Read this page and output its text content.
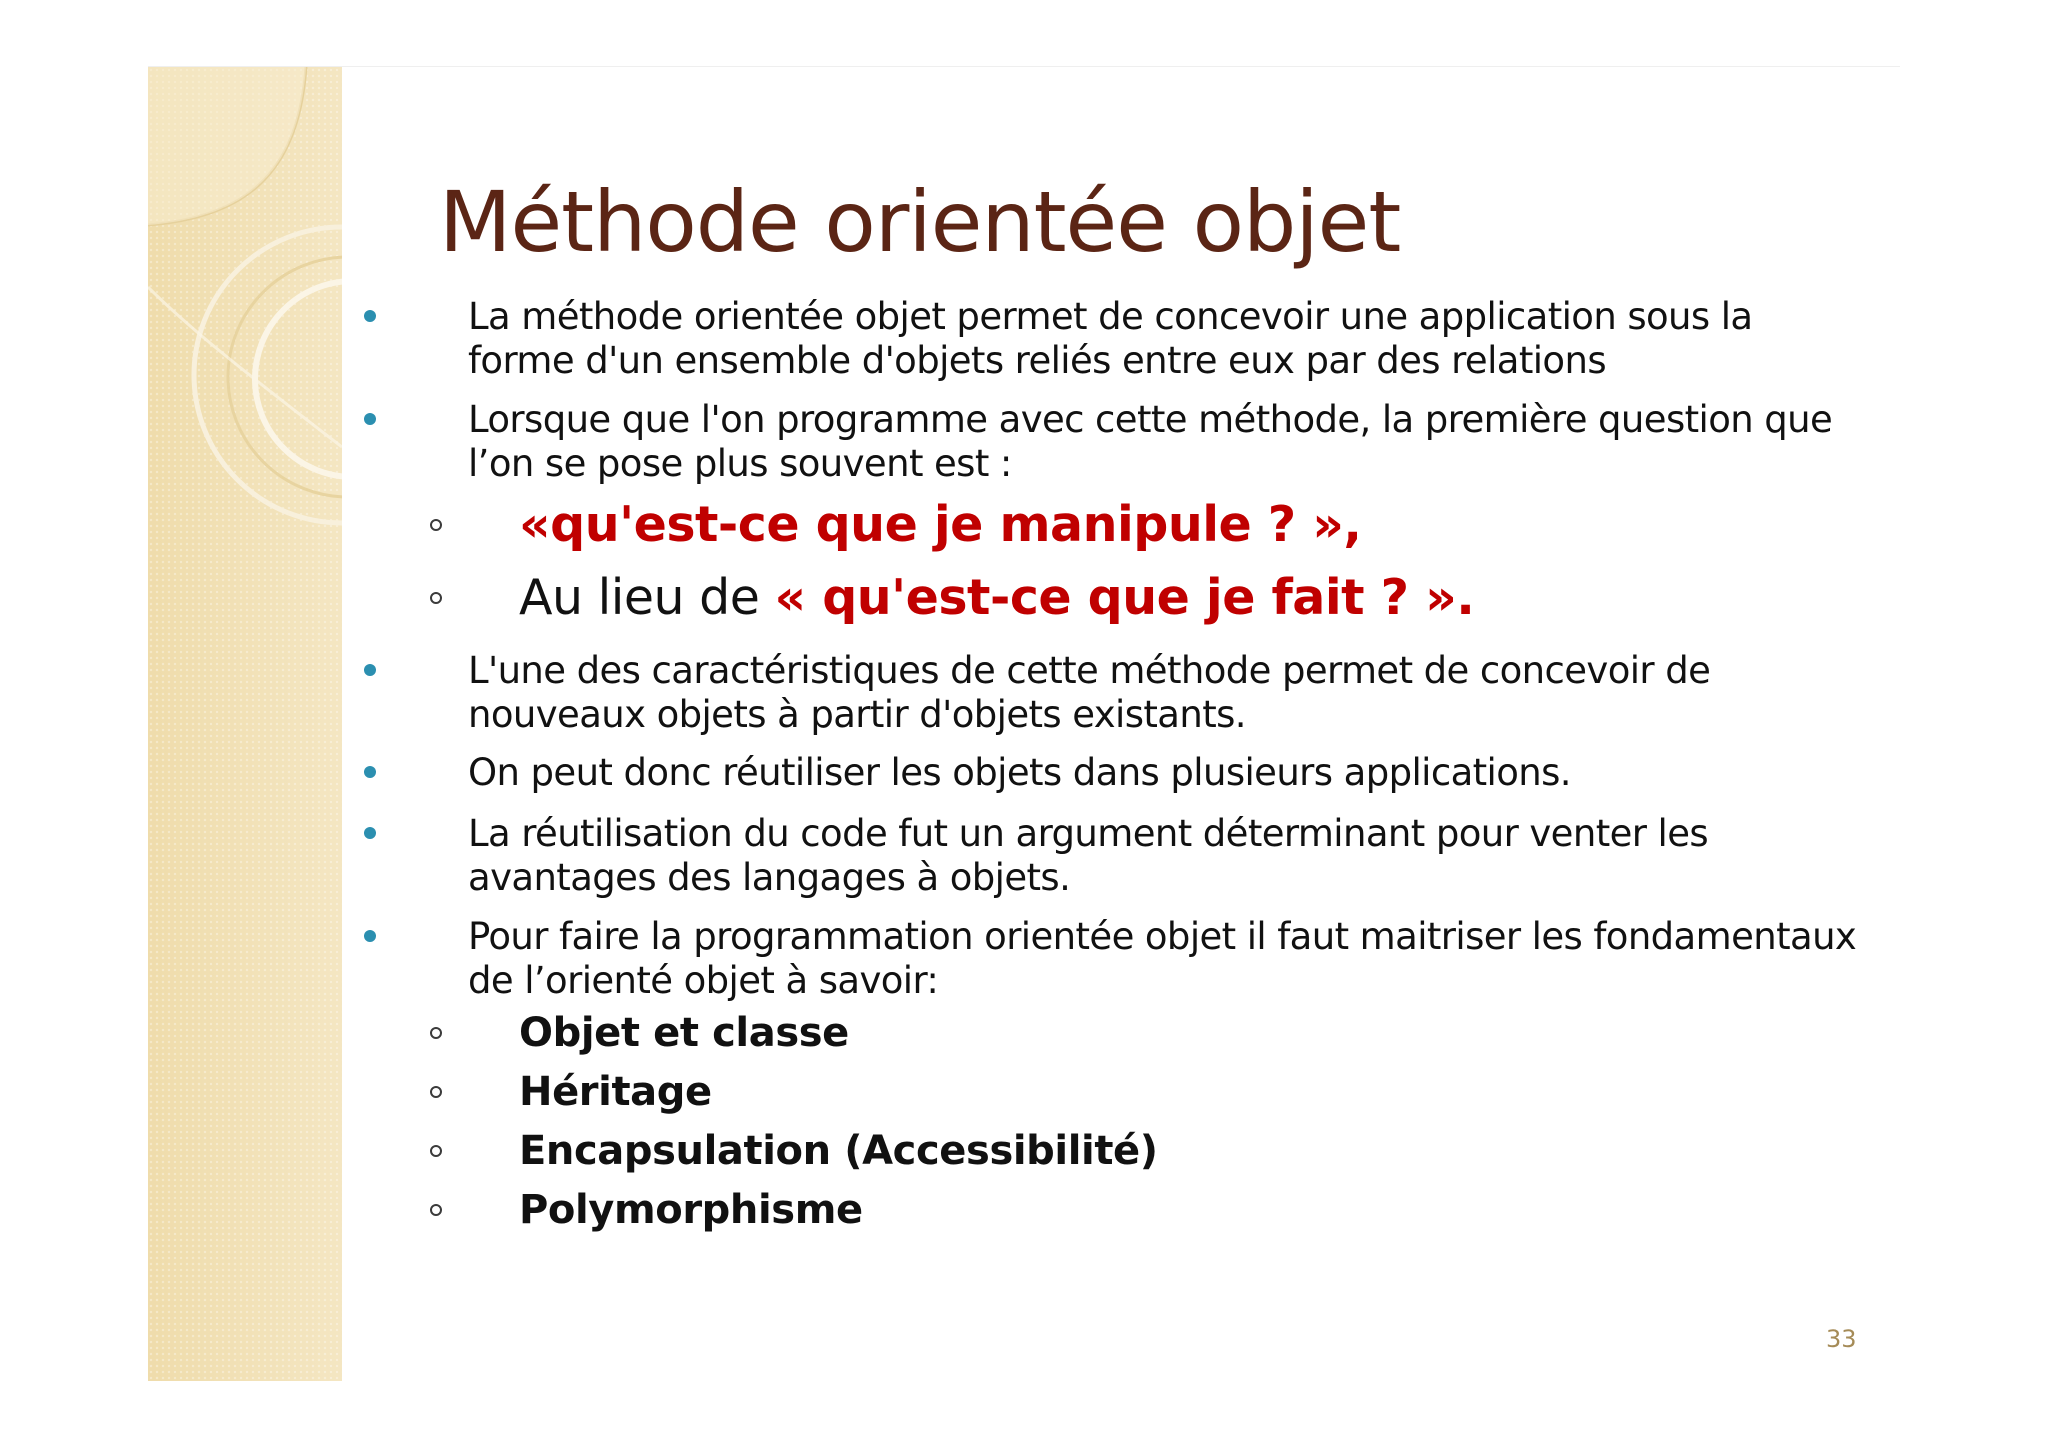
Méthode orientée objet
La méthode orientée objet permet de concevoir une application sous la forme d'un ensemble d'objets reliés entre eux par des relations
Lorsque que l'on programme avec cette méthode, la première question que l’on se pose plus souvent est :
«qu'est-ce que je manipule ? »,
Au lieu de « qu'est-ce que je fait ? ».
L'une des caractéristiques de cette méthode permet de concevoir de nouveaux objets à partir d'objets existants.
On peut donc réutiliser les objets dans plusieurs applications.
La réutilisation du code fut un argument déterminant pour venter les avantages des langages à objets.
Pour faire la programmation orientée objet il faut maitriser les fondamentaux de l’orienté objet à savoir:
Objet et classe
Héritage
Encapsulation (Accessibilité)
Polymorphisme
33
